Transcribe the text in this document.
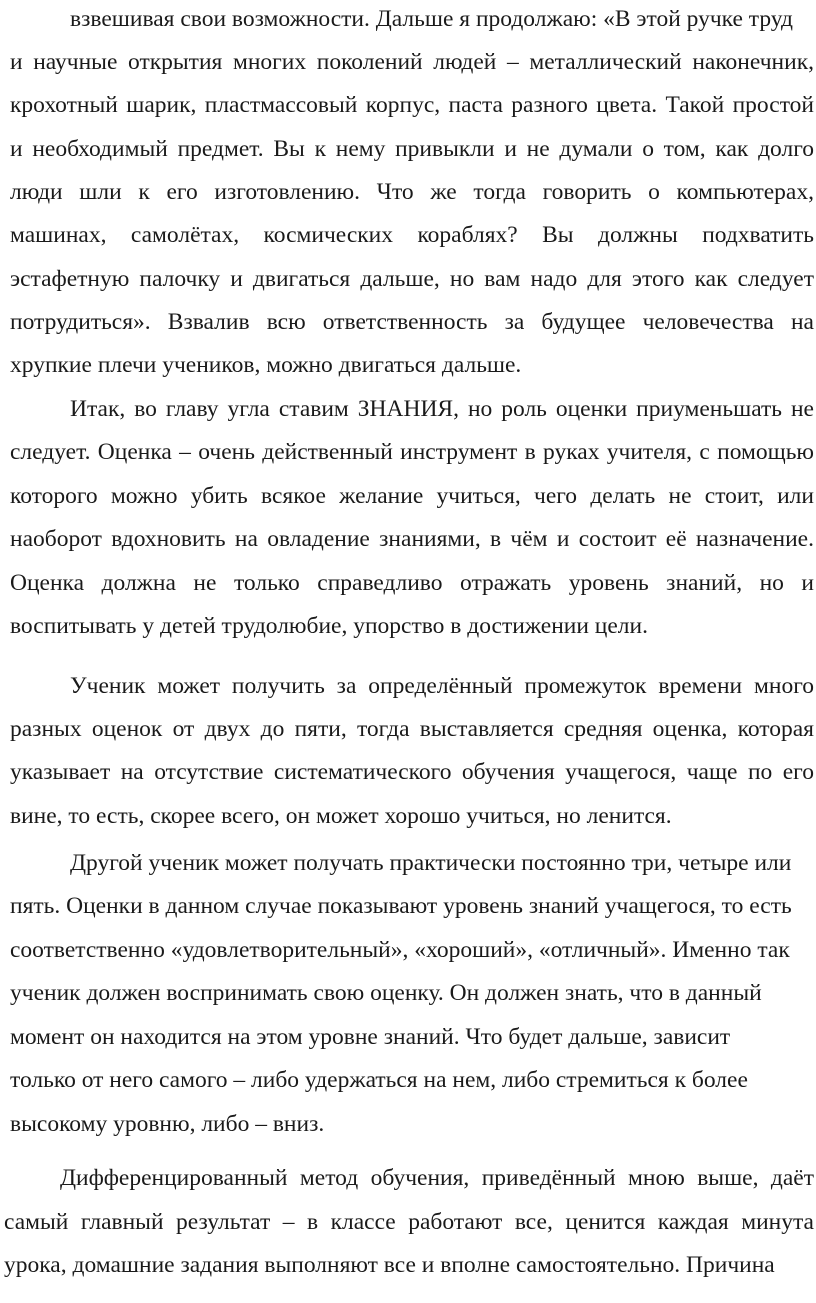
взвешивая свои возможности. Дальше я продолжаю: «В этой ручке труд
и научные открытия многих поколений людей – металлический наконечник,
крохотный шарик, пластмассовый корпус, паста разного цвета. Такой простой
и необходимый предмет. Вы к нему привыкли и не думали о том, как долго
люди шли к его изготовлению. Что же тогда говорить о компьютерах,
машинах, самолётах, космических кораблях? Вы должны подхватить
эстафетную палочку и двигаться дальше, но вам надо для этого как следует
потрудиться». Взвалив всю ответственность за будущее человечества на
хрупкие плечи учеников, можно двигаться дальше.
Итак, во главу угла ставим ЗНАНИЯ, но роль оценки приуменьшать не
следует. Оценка – очень действенный инструмент в руках учителя, с помощью
которого можно убить всякое желание учиться, чего делать не стоит, или
наоборот вдохновить на овладение знаниями, в чём и состоит её назначение.
Оценка должна не только справедливо отражать уровень знаний, но и
воспитывать у детей трудолюбие, упорство в достижении цели.
Ученик может получить за определённый промежуток времени много
разных оценок от двух до пяти, тогда выставляется средняя оценка, которая
указывает на отсутствие систематического обучения учащегося, чаще по его
вине, то есть, скорее всего, он может хорошо учиться, но ленится.
Другой ученик может получать практически постоянно три, четыре или
пять. Оценки в данном случае показывают уровень знаний учащегося, то есть
соответственно «удовлетворительный», «хороший», «отличный». Именно так
ученик должен воспринимать свою оценку. Он должен знать, что в данный
момент он находится на этом уровне знаний. Что будет дальше, зависит
только от него самого – либо удержаться на нем, либо стремиться к более
высокому уровню, либо – вниз.
Дифференцированный метод обучения, приведённый мною выше, даёт
самый главный результат – в классе работают все, ценится каждая минута
урока, домашние задания выполняют все и вполне самостоятельно. Причина
